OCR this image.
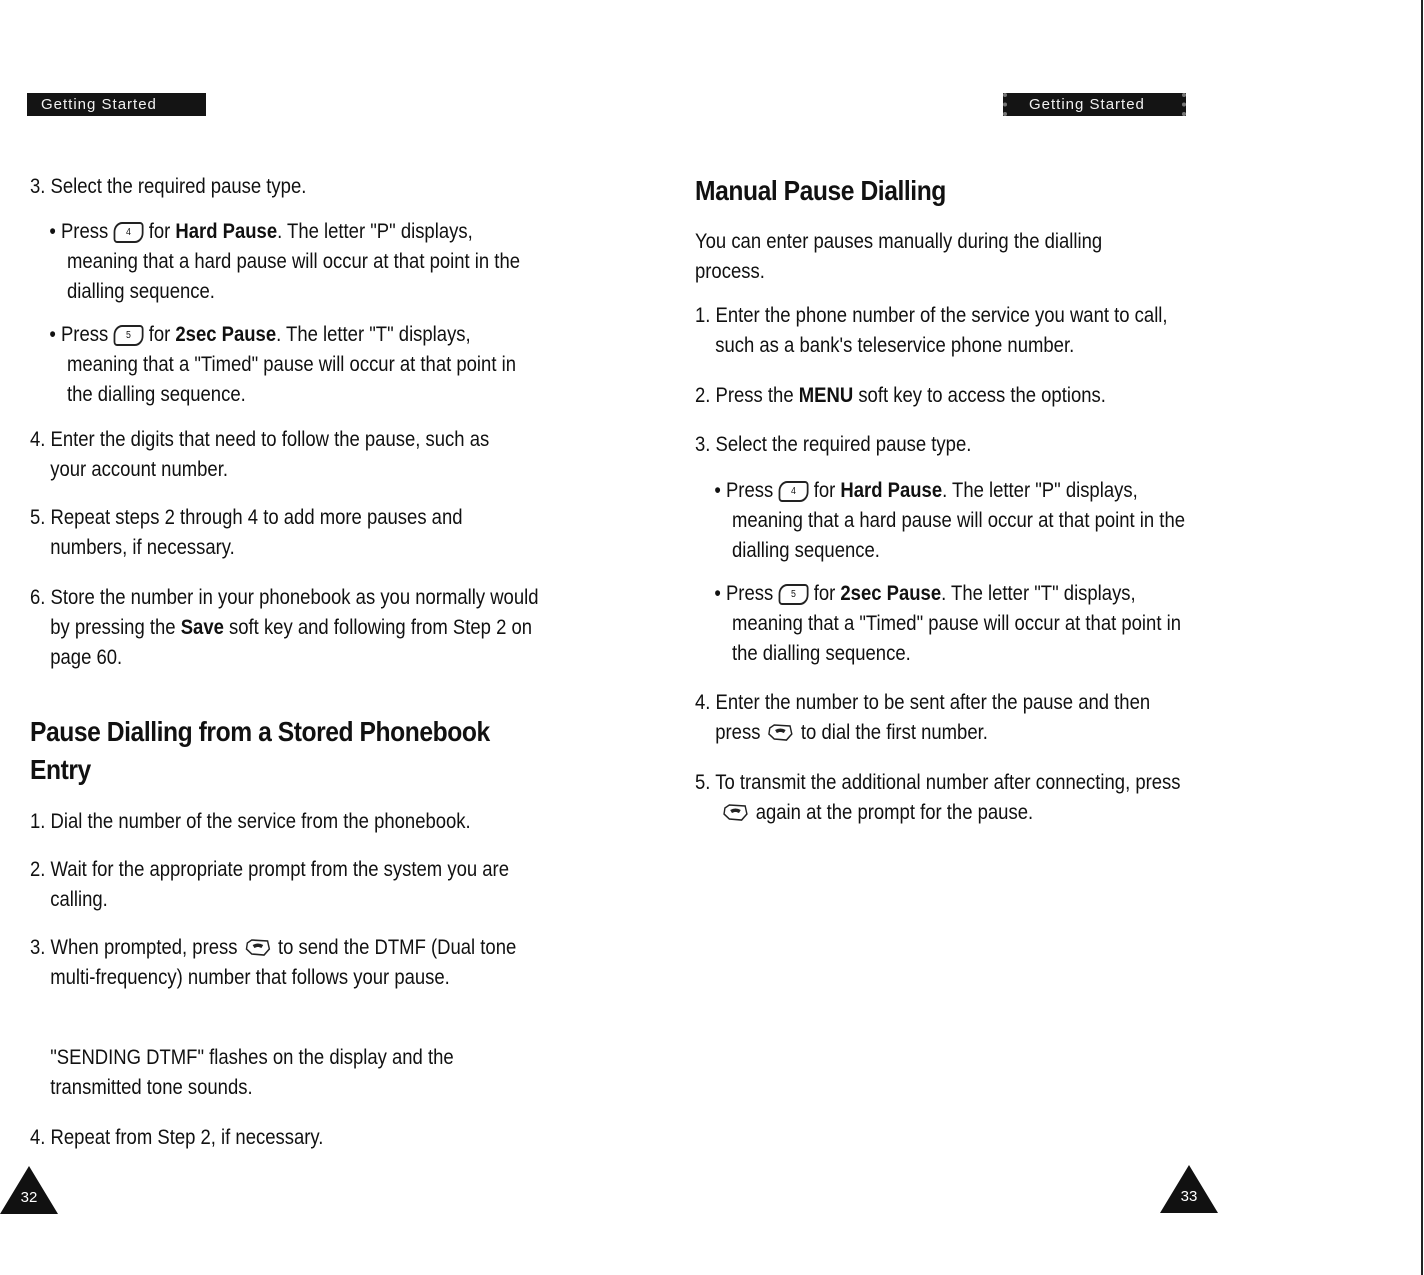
Getting Started	Getting Started

3. Select the required pause type.

• Press 4 for Hard Pause. The letter "P" displays, meaning that a hard pause will occur at that point in the dialling sequence.

• Press 5 for 2sec Pause. The letter "T" displays, meaning that a "Timed" pause will occur at that point in the dialling sequence.

4. Enter the digits that need to follow the pause, such as your account number.

5. Repeat steps 2 through 4 to add more pauses and numbers, if necessary.

6. Store the number in your phonebook as you normally would by pressing the Save soft key and following from Step 2 on page 60.

Pause Dialling from a Stored Phonebook Entry

1. Dial the number of the service from the phonebook.

2. Wait for the appropriate prompt from the system you are calling.

3. When prompted, press to send the DTMF (Dual tone multi-frequency) number that follows your pause.

"SENDING DTMF" flashes on the display and the transmitted tone sounds.

4. Repeat from Step 2, if necessary.

32

Manual Pause Dialling

You can enter pauses manually during the dialling process.

1. Enter the phone number of the service you want to call, such as a bank's teleservice phone number.

2. Press the MENU soft key to access the options.

3. Select the required pause type.

• Press 4 for Hard Pause. The letter "P" displays, meaning that a hard pause will occur at that point in the dialling sequence.

• Press 5 for 2sec Pause. The letter "T" displays, meaning that a "Timed" pause will occur at that point in the dialling sequence.

4. Enter the number to be sent after the pause and then press to dial the first number.

5. To transmit the additional number after connecting, pressagain at the prompt for the pause.

33
